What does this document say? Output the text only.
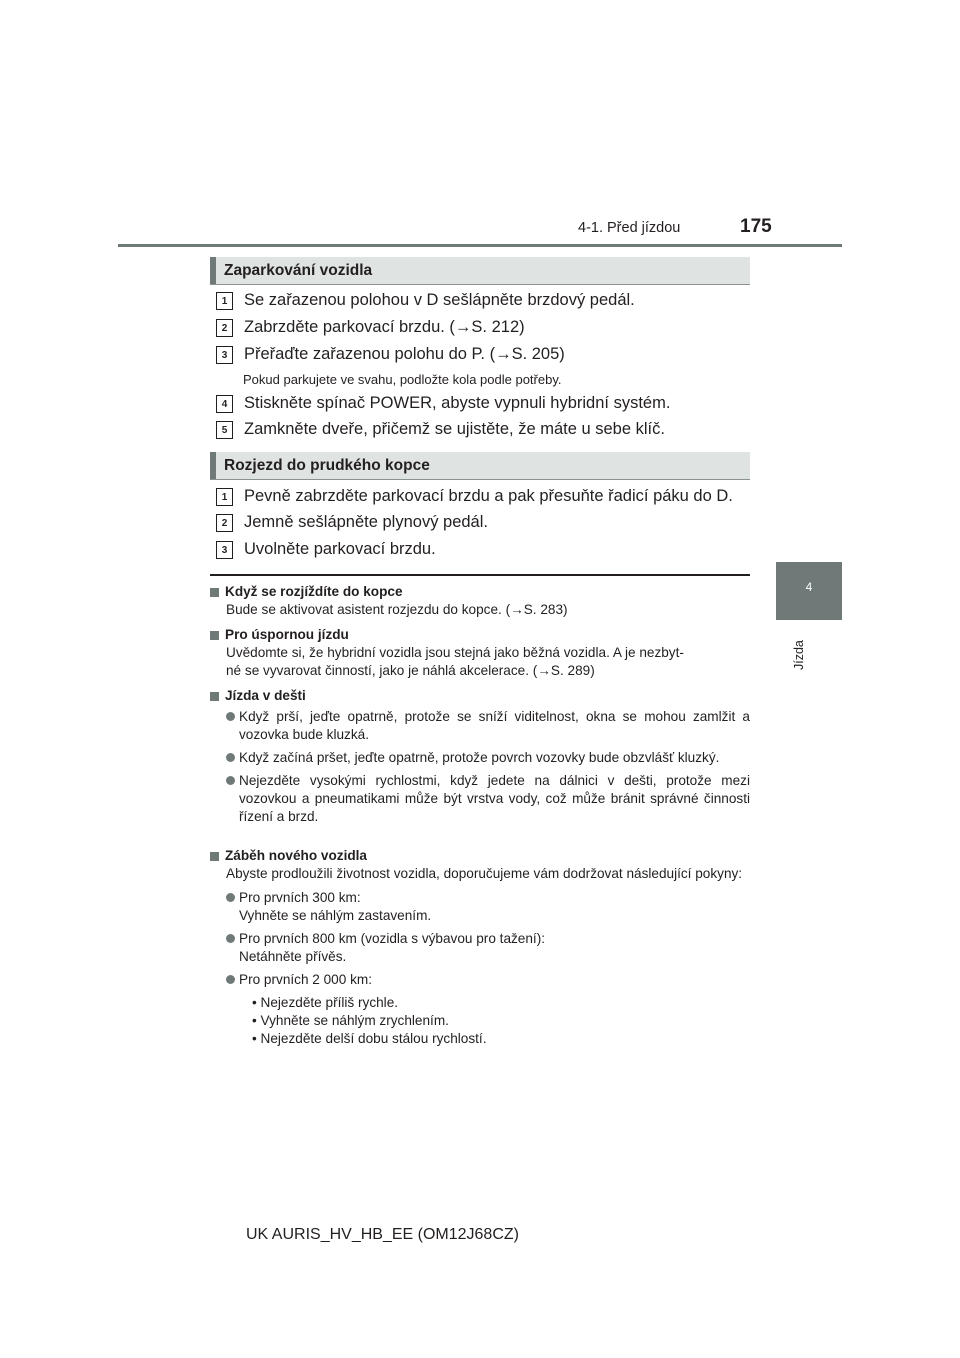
4-1. Před jízdou	175
4
Jízda
Zaparkování vozidla
1	Se zařazenou polohou v D sešlápněte brzdový pedál.
2	Zabrzděte parkovací brzdu. (→S. 212)
3	Přeřaďte zařazenou polohu do P. (→S. 205)
Pokud parkujete ve svahu, podložte kola podle potřeby.
4	Stiskněte spínač POWER, abyste vypnuli hybridní systém.
5	Zamkněte dveře, přičemž se ujistěte, že máte u sebe klíč.
Rozjezd do prudkého kopce
1	Pevně zabrzděte parkovací brzdu a pak přesuňte řadicí páku do D.
2	Jemně sešlápněte plynový pedál.
3	Uvolněte parkovací brzdu.
Když se rozjíždíte do kopce
Bude se aktivovat asistent rozjezdu do kopce. (→S. 283)
Pro úspornou jízdu
Uvědomte si, že hybridní vozidla jsou stejná jako běžná vozidla. A je nezbyt-
né se vyvarovat činností, jako je náhlá akcelerace. (→S. 289)
Jízda v dešti
Když prší, jeďte opatrně, protože se sníží viditelnost, okna se mohou zamlžit a vozovka bude kluzká.
Když začíná pršet, jeďte opatrně, protože povrch vozovky bude obzvlášť kluzký.
Nejezděte vysokými rychlostmi, když jedete na dálnici v dešti, protože mezi vozovkou a pneumatikami může být vrstva vody, což může bránit správné činnosti řízení a brzd.
Záběh nového vozidla
Abyste prodloužili životnost vozidla, doporučujeme vám dodržovat následující pokyny:
Pro prvních 300 km:
Vyhněte se náhlým zastavením.
Pro prvních 800 km (vozidla s výbavou pro tažení):
Netáhněte přívěs.
Pro prvních 2 000 km:
• Nejezděte příliš rychle.
• Vyhněte se náhlým zrychlením.
• Nejezděte delší dobu stálou rychlostí.
UK AURIS_HV_HB_EE (OM12J68CZ)
